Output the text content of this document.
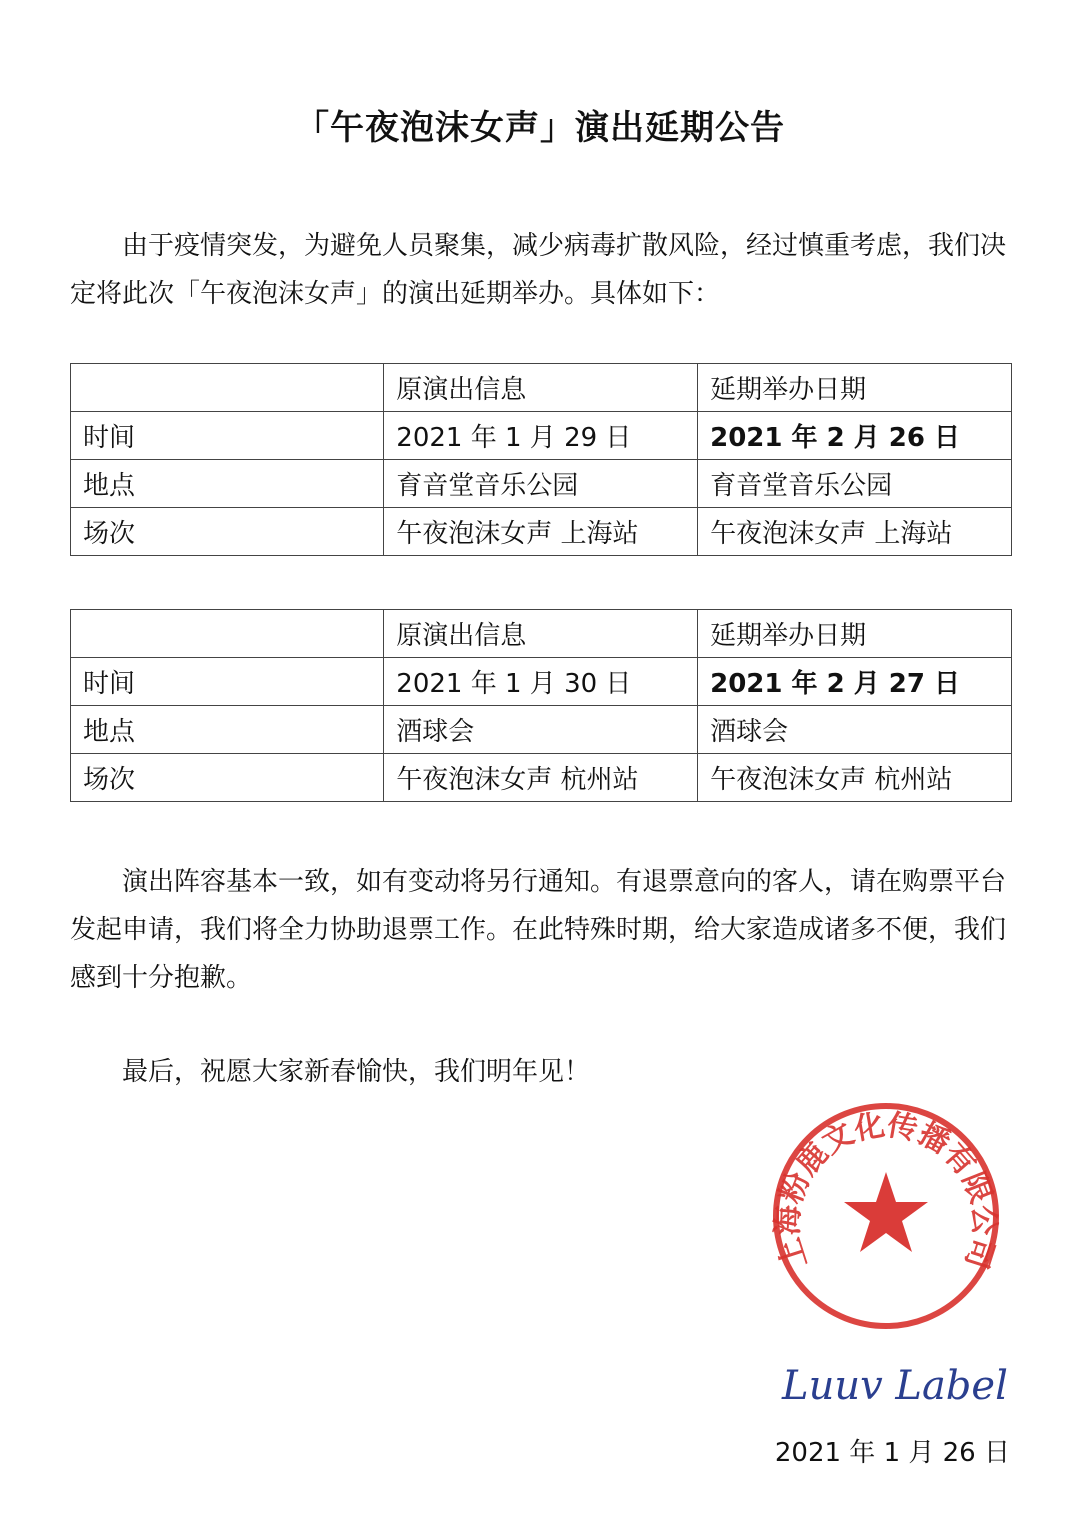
「午夜泡沫女声」演出延期公告

由于疫情突发，为避免人员聚集，减少病毒扩散风险，经过慎重考虑，我们决定将此次「午夜泡沫女声」的演出延期举办。具体如下：

	原演出信息	延期举办日期
时间	2021 年 1 月 29 日	2021 年 2 月 26 日
地点	育音堂音乐公园	育音堂音乐公园
场次	午夜泡沫女声 上海站	午夜泡沫女声 上海站
	原演出信息	延期举办日期
时间	2021 年 1 月 30 日	2021 年 2 月 27 日
地点	酒球会	酒球会
场次	午夜泡沫女声 杭州站	午夜泡沫女声 杭州站

演出阵容基本一致，如有变动将另行通知。有退票意向的客人，请在购票平台发起申请，我们将全力协助退票工作。在此特殊时期，给大家造成诸多不便，我们感到十分抱歉。

最后，祝愿大家新春愉快，我们明年见！

上海粉鹿文化传播有限公司
Luuv Label
2021 年 1 月 26 日
